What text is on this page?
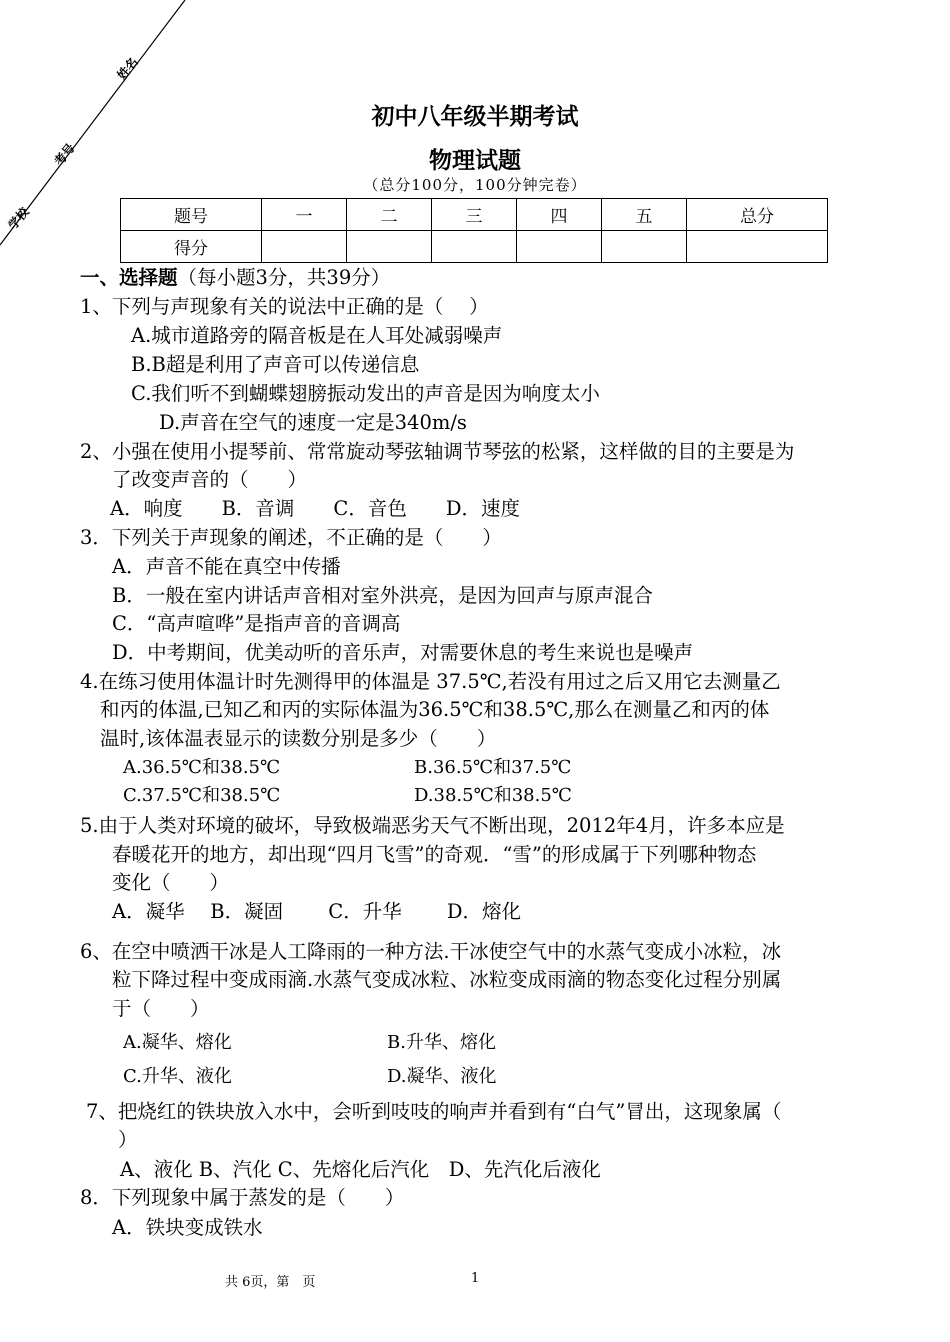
姓名
考号
学校
初中八年级半期考试
物理试题
（总分100分，100分钟完卷）
题号	一	二	三	四	五	总分
得分						
一、选择题（每小题3分，共39分）
1、下列与声现象有关的说法中正确的是（　 ）
A.城市道路旁的隔音板是在人耳处减弱噪声
B.B超是利用了声音可以传递信息
C.我们听不到蝴蝶翅膀振动发出的声音是因为响度太小
D.声音在空气的速度一定是340m/s
2、小强在使用小提琴前、常常旋动琴弦轴调节琴弦的松紧，这样做的目的主要是为
了改变声音的（　　）
A．响度　　B．音调　　C．音色　　D．速度
3．下列关于声现象的阐述，不正确的是（　　）
A．声音不能在真空中传播
B．一般在室内讲话声音相对室外洪亮，是因为回声与原声混合
C．“高声喧哗”是指声音的音调高
D．中考期间，优美动听的音乐声，对需要休息的考生来说也是噪声
4.在练习使用体温计时先测得甲的体温是 37.5℃,若没有用过之后又用它去测量乙
和丙的体温,已知乙和丙的实际体温为36.5℃和38.5℃,那么在测量乙和丙的体
温时,该体温表显示的读数分别是多少（　　）
A.36.5℃和38.5℃	B.36.5℃和37.5℃
C.37.5℃和38.5℃	D.38.5℃和38.5℃
5.由于人类对环境的破坏，导致极端恶劣天气不断出现，2012年4月，许多本应是
春暖花开的地方，却出现“四月飞雪”的奇观．“雪”的形成属于下列哪种物态
变化（　　）
A．凝华　 B．凝固　　 C．升华　　 D．熔化
6、在空中喷洒干冰是人工降雨的一种方法.干冰使空气中的水蒸气变成小冰粒，冰
粒下降过程中变成雨滴.水蒸气变成冰粒、冰粒变成雨滴的物态变化过程分别属
于（　　）
A.凝华、熔化	B.升华、熔化
C.升华、液化	D.凝华、液化
7、把烧红的铁块放入水中，会听到吱吱的响声并看到有“白气”冒出，这现象属（
）
A、液化 B、汽化 C、先熔化后汽化　D、先汽化后液化
8．下列现象中属于蒸发的是（　　）
A．铁块变成铁水
共 6页，第　页	1
